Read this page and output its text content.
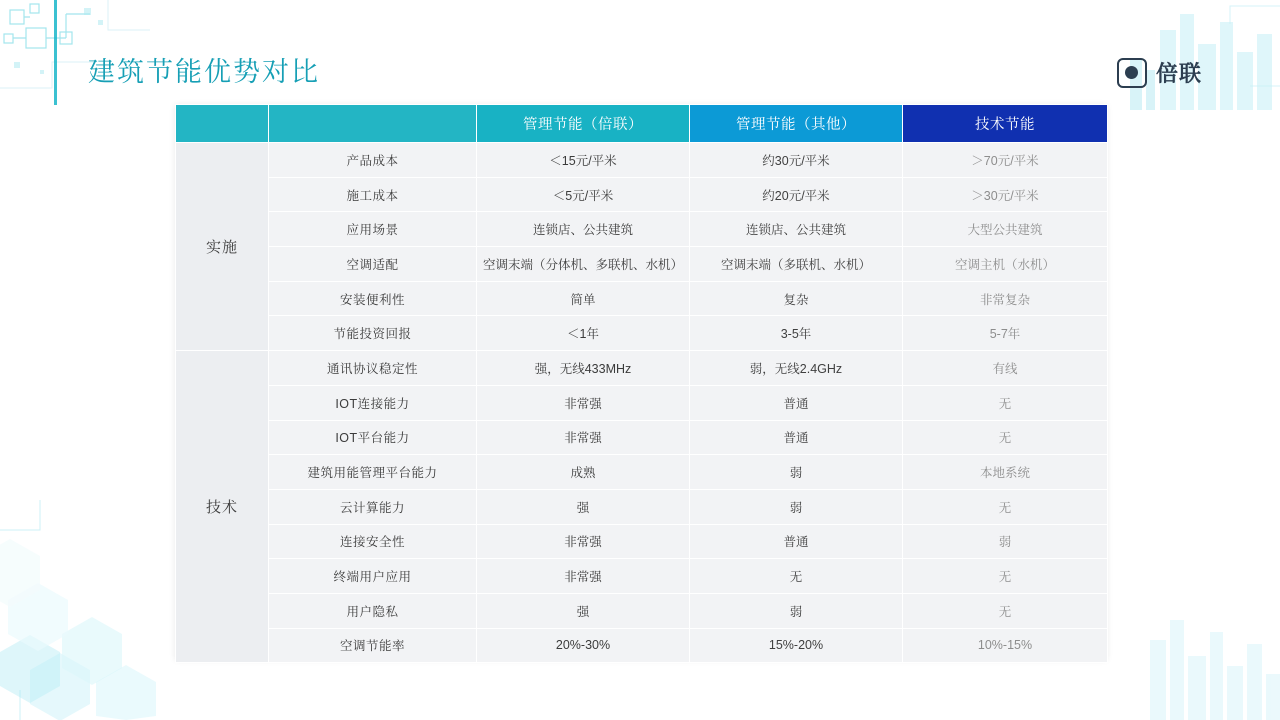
建筑节能优势对比	倍联
		管理节能（倍联）	管理节能（其他）	技术节能
实施	产品成本	＜15元/平米	约30元/平米	＞70元/平米
	施工成本	＜5元/平米	约20元/平米	＞30元/平米
	应用场景	连锁店、公共建筑	连锁店、公共建筑	大型公共建筑
	空调适配	空调末端（分体机、多联机、水机）	空调末端（多联机、水机）	空调主机（水机）
	安装便利性	简单	复杂	非常复杂
	节能投资回报	＜1年	3-5年	5-7年
技术	通讯协议稳定性	强，无线433MHz	弱，无线2.4GHz	有线
	IOT连接能力	非常强	普通	无
	IOT平台能力	非常强	普通	无
	建筑用能管理平台能力	成熟	弱	本地系统
	云计算能力	强	弱	无
	连接安全性	非常强	普通	弱
	终端用户应用	非常强	无	无
	用户隐私	强	弱	无
	空调节能率	20%-30%	15%-20%	10%-15%
